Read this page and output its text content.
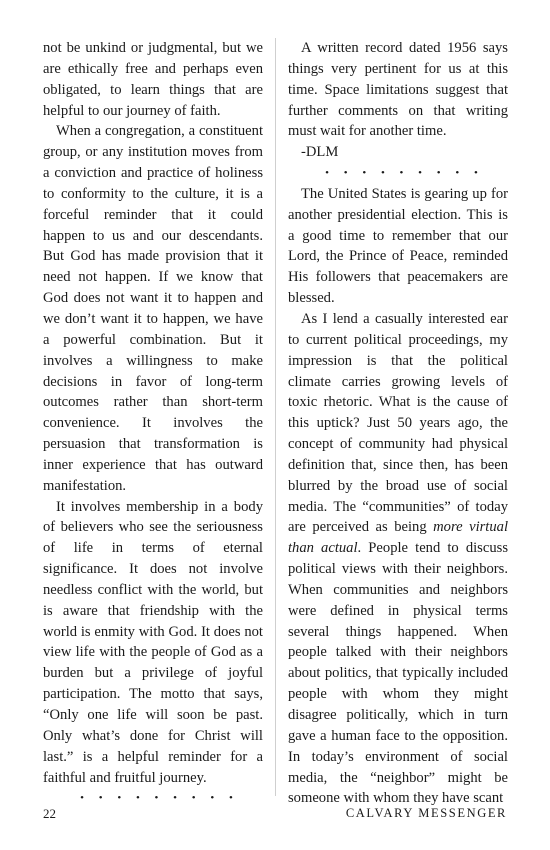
not be unkind or judgmental, but we are ethically free and perhaps even obligated, to learn things that are helpful to our journey of faith.

When a congregation, a constituent group, or any institution moves from a conviction and practice of holiness to conformity to the culture, it is a forceful reminder that it could happen to us and our descendants. But God has made provision that it need not happen. If we know that God does not want it to happen and we don’t want it to happen, we have a powerful combination. But it involves a willingness to make decisions in favor of long-term outcomes rather than short-term convenience. It involves the persuasion that transformation is inner experience that has outward manifestation.

It involves membership in a body of believers who see the seriousness of life in terms of eternal significance. It does not involve needless conflict with the world, but is aware that friendship with the world is enmity with God. It does not view life with the people of God as a burden but a privilege of joyful participation. The motto that says, “Only one life will soon be past. Only what’s done for Christ will last.” is a helpful reminder for a faithful and fruitful journey.

• • • • • • • • •

A written record dated 1956 says things very pertinent for us at this time. Space limitations suggest that further comments on that writing must wait for another time.

-DLM

• • • • • • • • •

The United States is gearing up for another presidential election. This is a good time to remember that our Lord, the Prince of Peace, reminded His followers that peacemakers are blessed.

As I lend a casually interested ear to current political proceedings, my impression is that the political climate carries growing levels of toxic rhetoric. What is the cause of this uptick? Just 50 years ago, the concept of community had physical definition that, since then, has been blurred by the broad use of social media. The “communities” of today are perceived as being more virtual than actual. People tend to discuss political views with their neighbors. When communities and neighbors were defined in physical terms several things happened. When people talked with their neighbors about politics, that typically included people with whom they might disagree politically, which in turn gave a human face to the opposition. In today’s environment of social media, the “neighbor” might be someone with whom they have scant

22	CALVARY MESSENGER
